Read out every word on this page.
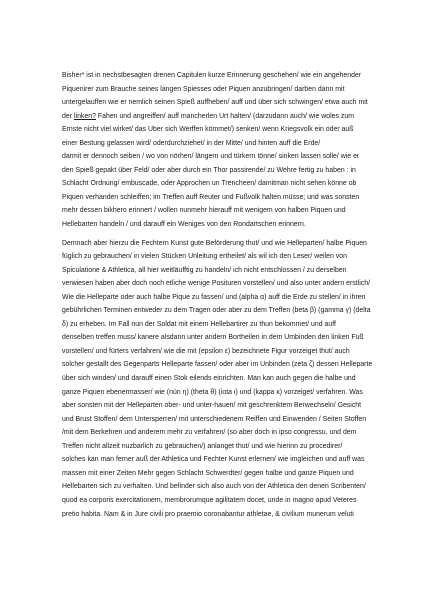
Bisher* ist in nechstbesagten drenen Capitulen kurze Erinnerung geschehen/ wie ein angehender
Piquenirer zum Brauche seines langen Spiesses oder Piquen anzubringen/ darben dann mit
untergelauffen wie er nemlich seinen Spieß auffheben/ auff und über sich schwingen/ etwa auch mit
der linken? Fahen und angreiffen/ auff mancherlen Urt halten/ (darzudann auch/ wie woles zum
Ernste nicht viel wirket/ das Uber sich Werffen kömmet/) senken/ wenn Kriegsvolk ein oder auß
einer Bestung gelassen wird/ oderdurchziehet/ in der Mitte/ und hinten auff die Erde/
darmit er dennoch seiben / wo von nörhen/ längern und türkern tönne/ sinken lassen solle/ wie er
den Spieß gepakt über Feld/ oder aber durch ein Thor passirende/ zu Wehre fertig zu haben : in
Schlacht Ordnung/ embuscade, oder Approchen un Trencheen/ damitman nicht sehen könne ob
Piquen verhanden schleiffen; im Treffen auff Reuter und Fußvolk halten müsse; und was sonsten
mehr dessen bikhero erinnert / wollen nunmehr hierauff mit wenigem von halben Piquen und
Hellebarten handeln / und darauff ein Weniges von den Rondartschen erinnern.

Demnach aber hierzu die Fechtern Kunst gute Beförderung thut/ und wie Helleparten/ halbe Piquen
füglich zu gebrauchen/ in vielen Stücken Unleitung ertheilet/ als wil ich den Leser/ weilen von
Spiculatione & Athletica, all hier weitläufftig zu handeln/ ich nicht entschlossen / zu derselben
verwiesen haben aber doch noch etliche wenige Posituren vorstellen/ und also unter andern erstlich/
Wie die Helleparte oder auch halbe Pique zu fassen/ und (alpha α) auff die Erde zu stellen/ in ihren
gebührlichen Terminen entweder zu dem Tragen oder aber zu dem Treffen (beta β) (gamma γ) (delta
δ) zu erheben. Im Fall nun der Soldat mit einem Hellebartirer zu thun bekommet/ und auff
denselben treffen muss/ kanere alsdann unter andern Bortheilen in dem Umbinden den linken Fuß
vorstellen/ und fürters verfahren/ wie die mit (epsilon ε) bezeichnete Figur vorzeiget thut/ auch
solcher gestallt des Gegenparts Helleparte fassen/ oder aber im Unbinden (zeta ζ) dessen Helleparte
über sich winden/ und darauff einen Stok eilends einrichten. Man kan auch gegen die halbe und
ganze Piquen ebenermasser/ wie (nün η) (theta θ) (iota ι) und (kappa κ) vorzeiget/ verfahren. Was
aber sonsten mit der Helleparten ober- und unter-hauen/ mit geschrenktem Berwechseln/ Gesicht
und Brust Stoffen/ dem Untersperren/ mit unterschiedenem Reiffen und Einwenden / Seiten Stoffen
/mit dem Berkehren und anderem mehr zu verfahren/ (so aber doch in ipso congressu, und dem
Treffen nicht allzeit nuzbarlich zu gebrauchen/) anlanget thut/ und wie hierinn zu procedirer/
solches kan man ferner auß der Athletica und Fechter Kunst erlernen/ wie imgleichen und auff was
massen mit einer Zeiten Mehr gegen Schlacht Schwerdter/ gegen halbe und ganze Piquen und
Hellebarten sich zu verhalten. Und befinder sich also auch von der Athletica den denen Scribenten/
quod ea corporis exercitationem, membrorumque agilitatem docet, unde in magno apud Veteres
pretio habita. Nam & in Jure civili pro praemio coronabantur athletae, & civilium munerum veluti
